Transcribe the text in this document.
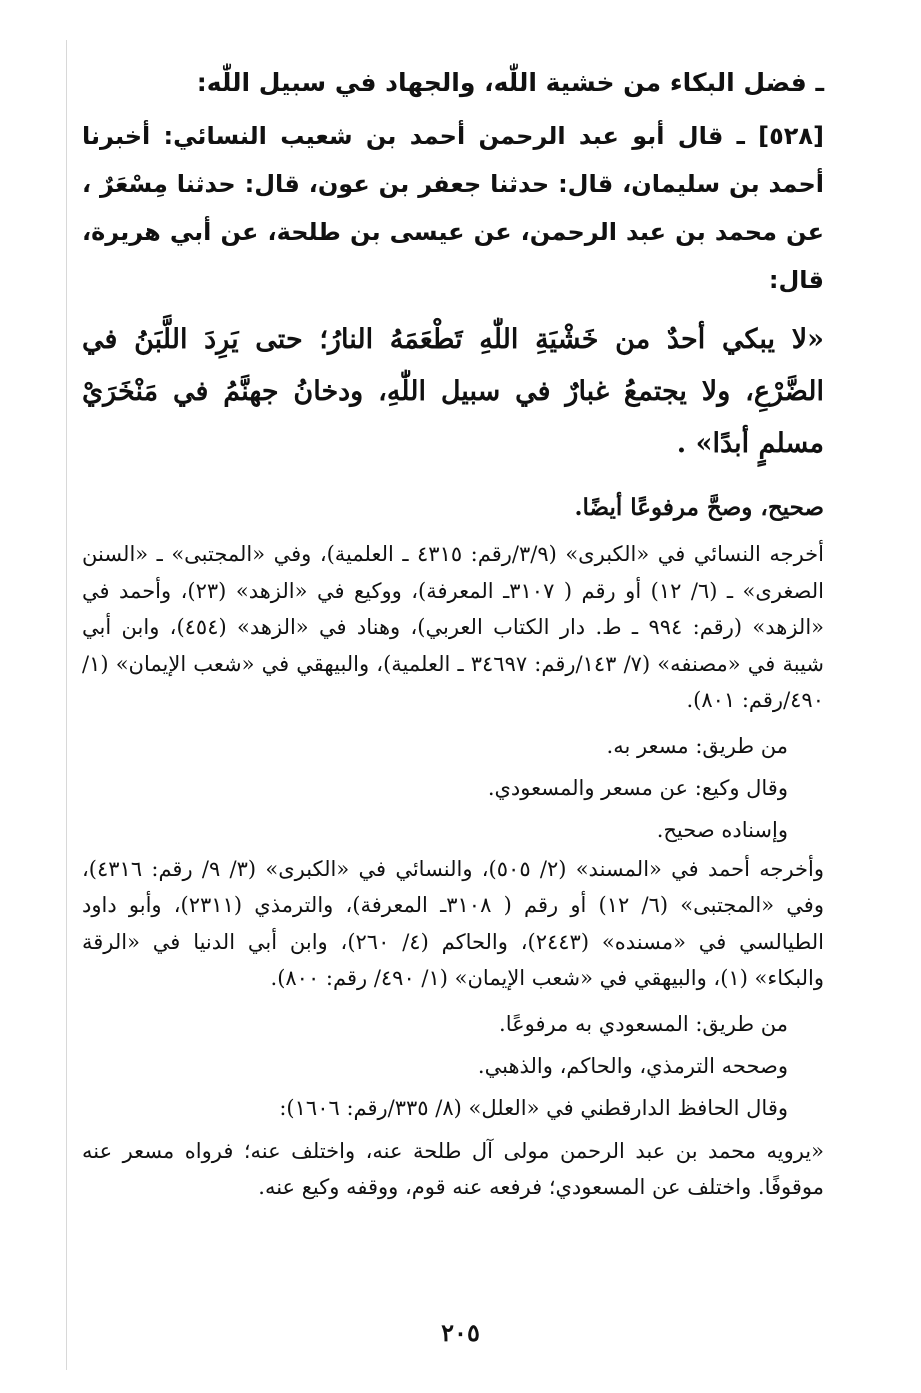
ـ فضل البكاء من خشية اللّٰه، والجهاد في سبيل اللّٰه:

[٥٢٨] ـ قال أبو عبد الرحمن أحمد بن شعيب النسائي: أخبرنا أحمد بن سليمان، قال: حدثنا جعفر بن عون، قال: حدثنا مِسْعَرٌ ، عن محمد بن عبد الرحمن، عن عيسى بن طلحة، عن أبي هريرة، قال:

«لا يبكي أحدٌ من خَشْيَةِ اللّٰهِ تَطْعَمَهُ النارُ؛ حتى يَرِدَ اللَّبَنُ في الضَّرْعِ، ولا يجتمعُ غبارٌ في سبيل اللّٰهِ، ودخانُ جهنَّمُ في مَنْخَرَيْ مسلمٍ أبدًا» .

صحيح، وصحَّ مرفوعًا أيضًا.

أخرجه النسائي في «الكبرى» (٣/٩/رقم: ٤٣١٥ ـ العلمية)، وفي «المجتبى» ـ «السنن الصغرى» ـ (٦/ ١٢) أو رقم ( ٣١٠٧ـ المعرفة)، ووكيع في «الزهد» (٢٣)، وأحمد في «الزهد» (رقم: ٩٩٤ ـ ط. دار الكتاب العربي)، وهناد في «الزهد» (٤٥٤)، وابن أبي شيبة في «مصنفه» (٧/ ١٤٣/رقم: ٣٤٦٩٧ ـ العلمية)، والبيهقي في «شعب الإيمان» (١/ ٤٩٠/رقم: ٨٠١).

من طريق: مسعر به.

وقال وكيع: عن مسعر والمسعودي.

وإسناده صحيح.

وأخرجه أحمد في «المسند» (٢/ ٥٠٥)، والنسائي في «الكبرى» (٣/ ٩/ رقم: ٤٣١٦)، وفي «المجتبى» (٦/ ١٢) أو رقم ( ٣١٠٨ـ المعرفة)، والترمذي (٢٣١١)، وأبو داود الطيالسي في «مسنده» (٢٤٤٣)، والحاكم (٤/ ٢٦٠)، وابن أبي الدنيا في «الرقة والبكاء» (١)، والبيهقي في «شعب الإيمان» (١/ ٤٩٠/ رقم: ٨٠٠).

من طريق: المسعودي به مرفوعًا.

وصححه الترمذي، والحاكم، والذهبي.

وقال الحافظ الدارقطني في «العلل» (٨/ ٣٣٥/رقم: ١٦٠٦):

«يرويه محمد بن عبد الرحمن مولى آل طلحة عنه، واختلف عنه؛ فرواه مسعر عنه موقوفًا. واختلف عن المسعودي؛ فرفعه عنه قوم، ووقفه وكيع عنه.

٢٠٥
